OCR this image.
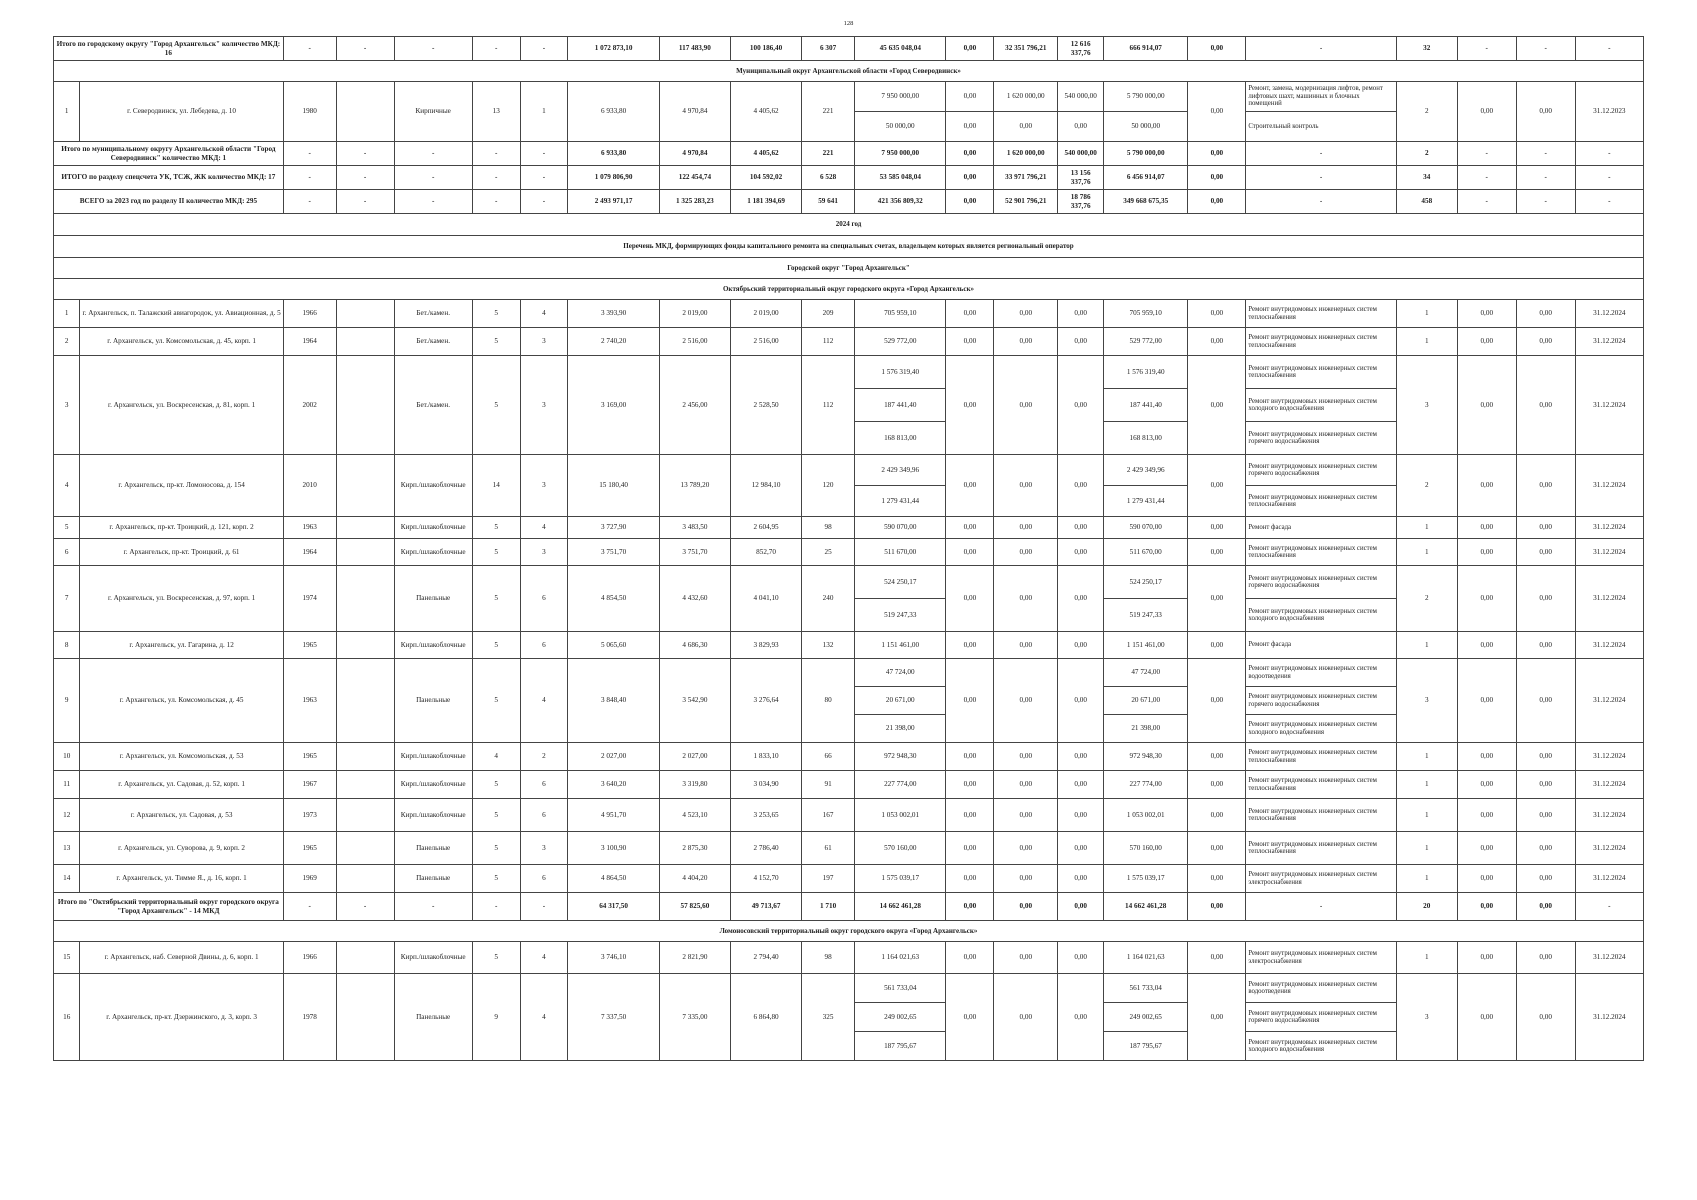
128
Итого по городскому округу "Город Архангельск" количество МКД: 16		-	-	-	-	-	1 072 873,10	117 483,90	100 186,40	6 307	45 635 048,04	0,00	32 351 796,21	12 616 337,76	666 914,07	0,00	-	32	-	-	-
Муниципальный округ Архангельской области «Город Северодвинск»																					
1	г. Северодвинск, ул. Лебедева, д. 10	1980		Кирпичные	13	1	6 933,80	4 970,84	4 405,62	221	7 950 000,00	0,00	1 620 000,00	540 000,00	5 790 000,00	0,00	Ремонт, замена, модернизация лифтов, ремонт лифтовых шахт, машинных и блочных помещений	2	0,00	0,00	31.12.2023
											50 000,00	0,00	0,00	0,00	50 000,00		Строительный контроль				
Итого по муниципальному округу Архангельской области "Город Северодвинск" количество МКД: 1		-	-	-	-	-	6 933,80	4 970,84	4 405,62	221	7 950 000,00	0,00	1 620 000,00	540 000,00	5 790 000,00	0,00	-	2	-	-	-
ИТОГО по разделу спецсчета УК, ТСЖ, ЖК количество МКД: 17		-	-	-	-	-	1 079 806,90	122 454,74	104 592,02	6 528	53 585 048,04	0,00	33 971 796,21	13 156 337,76	6 456 914,07	0,00	-	34	-	-	-
ВСЕГО за 2023 год по разделу II количество МКД: 295		-	-	-	-	-	2 493 971,17	1 325 283,23	1 181 394,69	59 641	421 356 809,32	0,00	52 901 796,21	18 786 337,76	349 668 675,35	0,00	-	458	-	-	-
2024 год																					
Перечень МКД, формирующих фонды капитального ремонта на специальных счетах, владельцем которых является региональный оператор																					
Городской округ "Город Архангельск"																					
Октябрьский территориальный округ городского округа «Город Архангельск»																					
1	г. Архангельск, п. Талажский авиагородок, ул. Авиационная, д. 5	1966		Бет./камен.	5	4	3 393,90	2 019,00	2 019,00	209	705 959,10	0,00	0,00	0,00	705 959,10	0,00	Ремонт внутридомовых инженерных систем теплоснабжения	1	0,00	0,00	31.12.2024
2	г. Архангельск, ул. Комсомольская, д. 45, корп. 1	1964		Бет./камен.	5	3	2 740,20	2 516,00	2 516,00	112	529 772,00	0,00	0,00	0,00	529 772,00	0,00	Ремонт внутридомовых инженерных систем теплоснабжения	1	0,00	0,00	31.12.2024
3	г. Архангельск, ул. Воскресенская, д. 81, корп. 1	2002		Бет./камен.	5	3	3 169,00	2 456,00	2 528,50	112	1 576 319,40	0,00	0,00	0,00	1 576 319,40	0,00	Ремонт внутридомовых инженерных систем теплоснабжения	3	0,00	0,00	31.12.2024
											187 441,40				187 441,40		Ремонт внутридомовых инженерных систем холодного водоснабжения				
											168 813,00				168 813,00		Ремонт внутридомовых инженерных систем горячего водоснабжения				
4	г. Архангельск, пр-кт. Ломоносова, д. 154	2010		Кирп./шлакоблочные	14	3	15 180,40	13 789,20	12 984,10	120	2 429 349,96	0,00	0,00	0,00	2 429 349,96	0,00	Ремонт внутридомовых инженерных систем горячего водоснабжения	2	0,00	0,00	31.12.2024
											1 279 431,44				1 279 431,44		Ремонт внутридомовых инженерных систем теплоснабжения				
5	г. Архангельск, пр-кт. Троицкий, д. 121, корп. 2	1963		Кирп./шлакоблочные	5	4	3 727,90	3 483,50	2 604,95	98	590 070,00	0,00	0,00	0,00	590 070,00	0,00	Ремонт фасада	1	0,00	0,00	31.12.2024
6	г. Архангельск, пр-кт. Троицкий, д. 61	1964		Кирп./шлакоблочные	5	3	3 751,70	3 751,70	852,70	25	511 670,00	0,00	0,00	0,00	511 670,00	0,00	Ремонт внутридомовых инженерных систем теплоснабжения	1	0,00	0,00	31.12.2024
7	г. Архангельск, ул. Воскресенская, д. 97, корп. 1	1974		Панельные	5	6	4 854,50	4 432,60	4 041,10	240	524 250,17	0,00	0,00	0,00	524 250,17	0,00	Ремонт внутридомовых инженерных систем горячего водоснабжения	2	0,00	0,00	31.12.2024
											519 247,33				519 247,33		Ремонт внутридомовых инженерных систем холодного водоснабжения				
8	г. Архангельск, ул. Гагарина, д. 12	1965		Кирп./шлакоблочные	5	6	5 065,60	4 686,30	3 829,93	132	1 151 461,00	0,00	0,00	0,00	1 151 461,00	0,00	Ремонт фасада	1	0,00	0,00	31.12.2024
9	г. Архангельск, ул. Комсомольская, д. 45	1963		Панельные	5	4	3 848,40	3 542,90	3 276,64	80	47 724,00	0,00	0,00	0,00	47 724,00	0,00	Ремонт внутридомовых инженерных систем водоотведения	3	0,00	0,00	31.12.2024
											20 671,00				20 671,00		Ремонт внутридомовых инженерных систем горячего водоснабжения				
											21 398,00				21 398,00		Ремонт внутридомовых инженерных систем холодного водоснабжения				
10	г. Архангельск, ул. Комсомольская, д. 53	1965		Кирп./шлакоблочные	4	2	2 027,00	2 027,00	1 833,10	66	972 948,30	0,00	0,00	0,00	972 948,30	0,00	Ремонт внутридомовых инженерных систем теплоснабжения	1	0,00	0,00	31.12.2024
11	г. Архангельск, ул. Садовая, д. 52, корп. 1	1967		Кирп./шлакоблочные	5	6	3 640,20	3 319,80	3 034,90	91	227 774,00	0,00	0,00	0,00	227 774,00	0,00	Ремонт внутридомовых инженерных систем теплоснабжения	1	0,00	0,00	31.12.2024
12	г. Архангельск, ул. Садовая, д. 53	1973		Кирп./шлакоблочные	5	6	4 951,70	4 523,10	3 253,65	167	1 053 002,01	0,00	0,00	0,00	1 053 002,01	0,00	Ремонт внутридомовых инженерных систем теплоснабжения	1	0,00	0,00	31.12.2024
13	г. Архангельск, ул. Суворова, д. 9, корп. 2	1965		Панельные	5	3	3 100,90	2 875,30	2 786,40	61	570 160,00	0,00	0,00	0,00	570 160,00	0,00	Ремонт внутридомовых инженерных систем теплоснабжения	1	0,00	0,00	31.12.2024
14	г. Архангельск, ул. Тимме Я., д. 16, корп. 1	1969		Панельные	5	6	4 864,50	4 404,20	4 152,70	197	1 575 039,17	0,00	0,00	0,00	1 575 039,17	0,00	Ремонт внутридомовых инженерных систем электроснабжения	1	0,00	0,00	31.12.2024
Итого по "Октябрьский территориальный округ городского округа "Город Архангельск" - 14 МКД		-	-	-	-	-	64 317,50	57 825,60	49 713,67	1 710	14 662 461,28	0,00	0,00	0,00	14 662 461,28	0,00	-	20	0,00	0,00	-
Ломоносовский территориальный округ городского округа «Город Архангельск»																					
15	г. Архангельск, наб. Северной Двины, д. 6, корп. 1	1966		Кирп./шлакоблочные	5	4	3 746,10	2 821,90	2 794,40	98	1 164 021,63	0,00	0,00	0,00	1 164 021,63	0,00	Ремонт внутридомовых инженерных систем электроснабжения	1	0,00	0,00	31.12.2024
16	г. Архангельск, пр-кт. Дзержинского, д. 3, корп. 3	1978		Панельные	9	4	7 337,50	7 335,00	6 864,80	325	561 733,04	0,00	0,00	0,00	561 733,04	0,00	Ремонт внутридомовых инженерных систем водоотведения	3	0,00	0,00	31.12.2024
											249 002,65				249 002,65		Ремонт внутридомовых инженерных систем горячего водоснабжения				
											187 795,67				187 795,67		Ремонт внутридомовых инженерных систем холодного водоснабжения				
